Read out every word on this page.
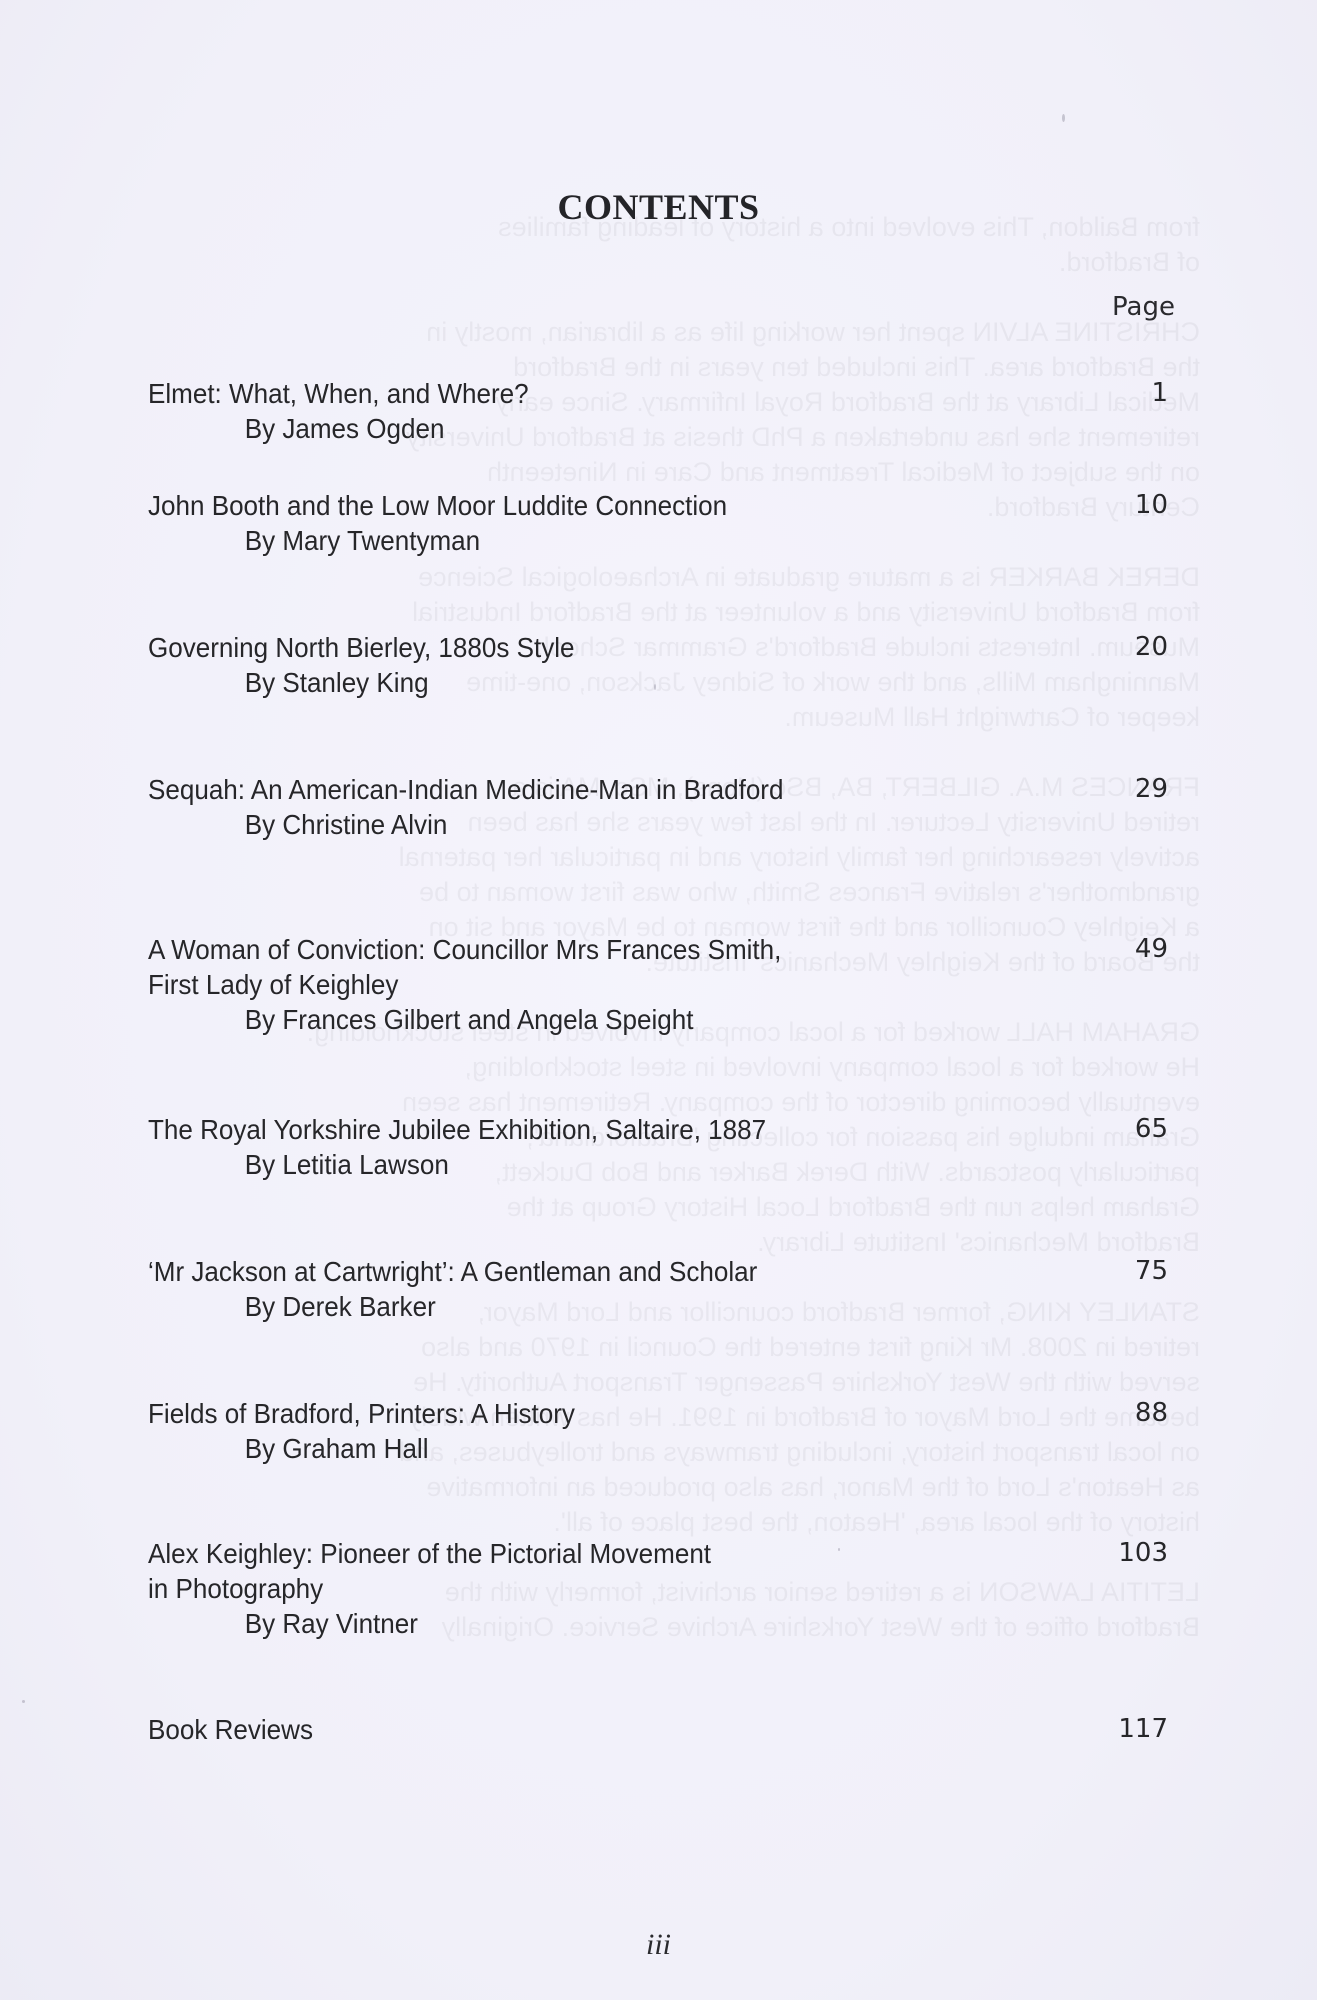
CONTENTS
Page
Elmet: What, When, and Where?
By James Ogden
1
John Booth and the Low Moor Luddite Connection
By Mary Twentyman
10
Governing North Bierley, 1880s Style
By Stanley King
20
Sequah: An American-Indian Medicine-Man in Bradford
By Christine Alvin
29
A Woman of Conviction: Councillor Mrs Frances Smith,
First Lady of Keighley
By Frances Gilbert and Angela Speight
49
The Royal Yorkshire Jubilee Exhibition, Saltaire, 1887
By Letitia Lawson
65
‘Mr Jackson at Cartwright’: A Gentleman and Scholar
By Derek Barker
75
Fields of Bradford, Printers: A History
By Graham Hall
88
Alex Keighley: Pioneer of the Pictorial Movement
in Photography
By Ray Vintner
103
Book Reviews	117
iii
